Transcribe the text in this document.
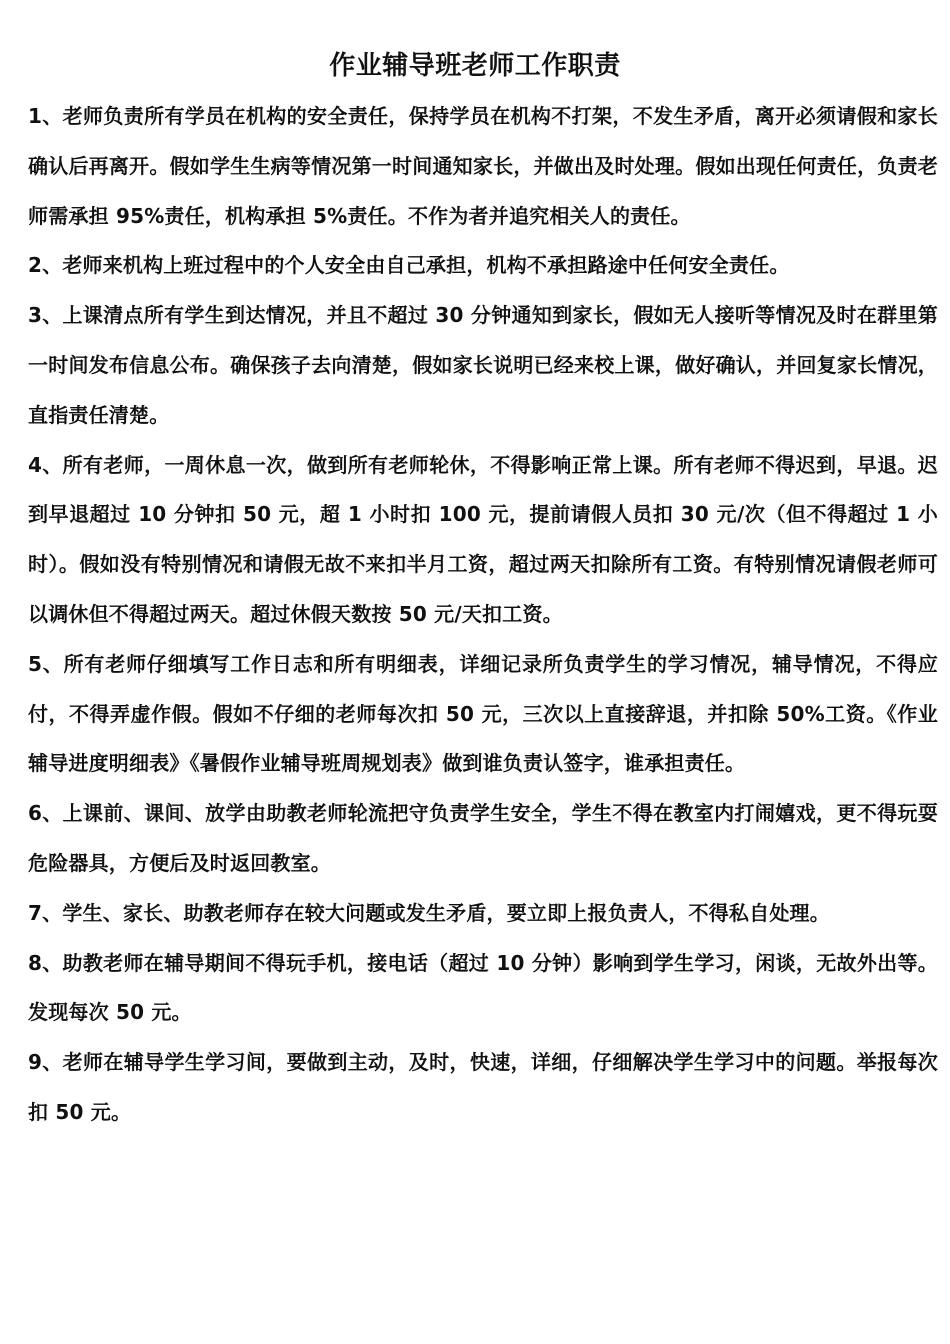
作业辅导班老师工作职责

1、老师负责所有学员在机构的安全责任，保持学员在机构不打架，不发生矛盾，离开必须请假和家长确认后再离开。假如学生生病等情况第一时间通知家长，并做出及时处理。假如出现任何责任，负责老师需承担 95%责任，机构承担 5%责任。不作为者并追究相关人的责任。

2、老师来机构上班过程中的个人安全由自己承担，机构不承担路途中任何安全责任。

3、上课清点所有学生到达情况，并且不超过 30 分钟通知到家长，假如无人接听等情况及时在群里第一时间发布信息公布。确保孩子去向清楚，假如家长说明已经来校上课，做好确认，并回复家长情况，直指责任清楚。

4、所有老师，一周休息一次，做到所有老师轮休，不得影响正常上课。所有老师不得迟到，早退。迟到早退超过 10 分钟扣 50 元，超 1 小时扣 100 元，提前请假人员扣 30 元/次（但不得超过 1 小时）。假如没有特别情况和请假无故不来扣半月工资，超过两天扣除所有工资。有特别情况请假老师可以调休但不得超过两天。超过休假天数按 50 元/天扣工资。

5、所有老师仔细填写工作日志和所有明细表，详细记录所负责学生的学习情况，辅导情况，不得应付，不得弄虚作假。假如不仔细的老师每次扣 50 元，三次以上直接辞退，并扣除 50%工资。《作业辅导进度明细表》《暑假作业辅导班周规划表》做到谁负责认签字，谁承担责任。

6、上课前、课间、放学由助教老师轮流把守负责学生安全，学生不得在教室内打闹嬉戏，更不得玩耍危险器具，方便后及时返回教室。

7、学生、家长、助教老师存在较大问题或发生矛盾，要立即上报负责人，不得私自处理。

8、助教老师在辅导期间不得玩手机，接电话（超过 10 分钟）影响到学生学习，闲谈，无故外出等。发现每次 50 元。

9、老师在辅导学生学习间，要做到主动，及时，快速，详细，仔细解决学生学习中的问题。举报每次扣 50 元。
